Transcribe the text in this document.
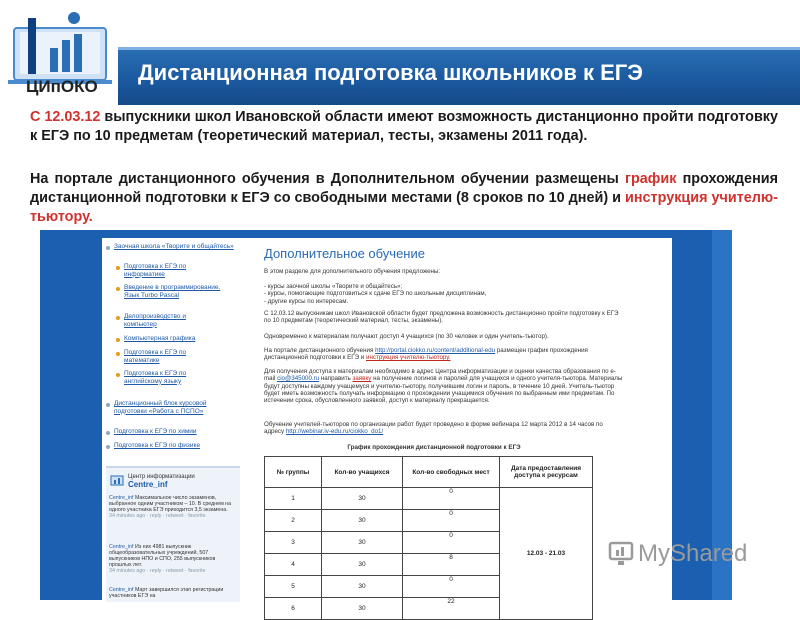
Дистанционная подготовка школьников к ЕГЭ
ЦИпОКО
С 12.03.12 выпускники школ Ивановской области имеют возможность дистанционно пройти подготовку к ЕГЭ по 10 предметам (теоретический материал, тесты, экзамены 2011 года).
На портале дистанционного обучения в Дополнительном обучении размещены график прохождения дистанционной подготовки к ЕГЭ со свободными местами (8 сроков по 10 дней) и инструкция учителю-тьютору.
Заочная школа «Творите и общайтесь»
Подготовка к ЕГЭ по информатике
Введение в программирование. Язык Turbo Pascal
Делопроизводство и компьютер
Компьютерная графика
Подготовка к ЕГЭ по математике
Подготовка к ЕГЭ по английскому языку
Дистанционный блок курсовой подготовки «Работа с ПСПО»
Подготовка к ЕГЭ по химии
Подготовка к ЕГЭ по физике
Центр информатизации
Centre_inf
Centre_inf Максимальное число экзаменов, выбранное одним участником – 10. В среднем на одного участника ЕГЭ приходится 3,5 экзамена.
34 minutes ago · reply · retweet · favorite
Centre_inf Из них 4981 выпускник общеобразовательных учреждений, 507 выпускников НПО и СПО, 255 выпускников прошлых лет.
34 minutes ago · reply · retweet · favorite
Centre_inf Март завершился этап регистрации участников ЕГЭ на
Дополнительное обучение
В этом разделе для дополнительного обучения предложены:
- курсы заочной школы «Творите и общайтесь»;
- курсы, помогающие подготовиться к сдаче ЕГЭ по школьным дисциплинам,
- другие курсы по интересам.
С 12.03.12 выпускникам школ Ивановской области будет предложена возможность дистанционно пройти подготовку к ЕГЭ по 10 предметам (теоретический материал, тесты, экзамены).
Одновременно к материалам получают доступ 4 учащихся (по 30 человек и один учитель-тьютор).
На портале дистанционного обучения http://portal.ciokko.ru/content/additional-edu размещен график прохождения дистанционной подготовки к ЕГЭ и инструкция учителю-тьютору.
Для получения доступа к материалам необходимо в адрес Центра информатизации и оценки качества образования по e-mail cio@345000.ru направить заявку на получение логинов и паролей для учащихся и одного учителя-тьютора. Материалы будут доступны каждому учащемуся и учителю-тьютору, получившим логин и пароль, в течение 10 дней. Учитель-тьютор будет иметь возможность получать информацию о прохождении учащимися обучения по выбранным ими предметам. По истечении срока, обусловленного заявкой, доступ к материалу прекращается.
Обучение учителей-тьюторов по организации работ будет проведено в форме вебинара 12 марта 2012 в 14 часов по адресу http://webinar.iv-edu.ru/ciokko_do1/
График прохождения дистанционной подготовки к ЕГЭ
№ группы	Кол-во учащихся	Кол-во свободных мест	Дата предоставления доступа к ресурсам
1	30	0	12.03 - 21.03
2	30	0	
3	30	0	
4	30	8	
5	30	0	
6	30	22	
MyShared
